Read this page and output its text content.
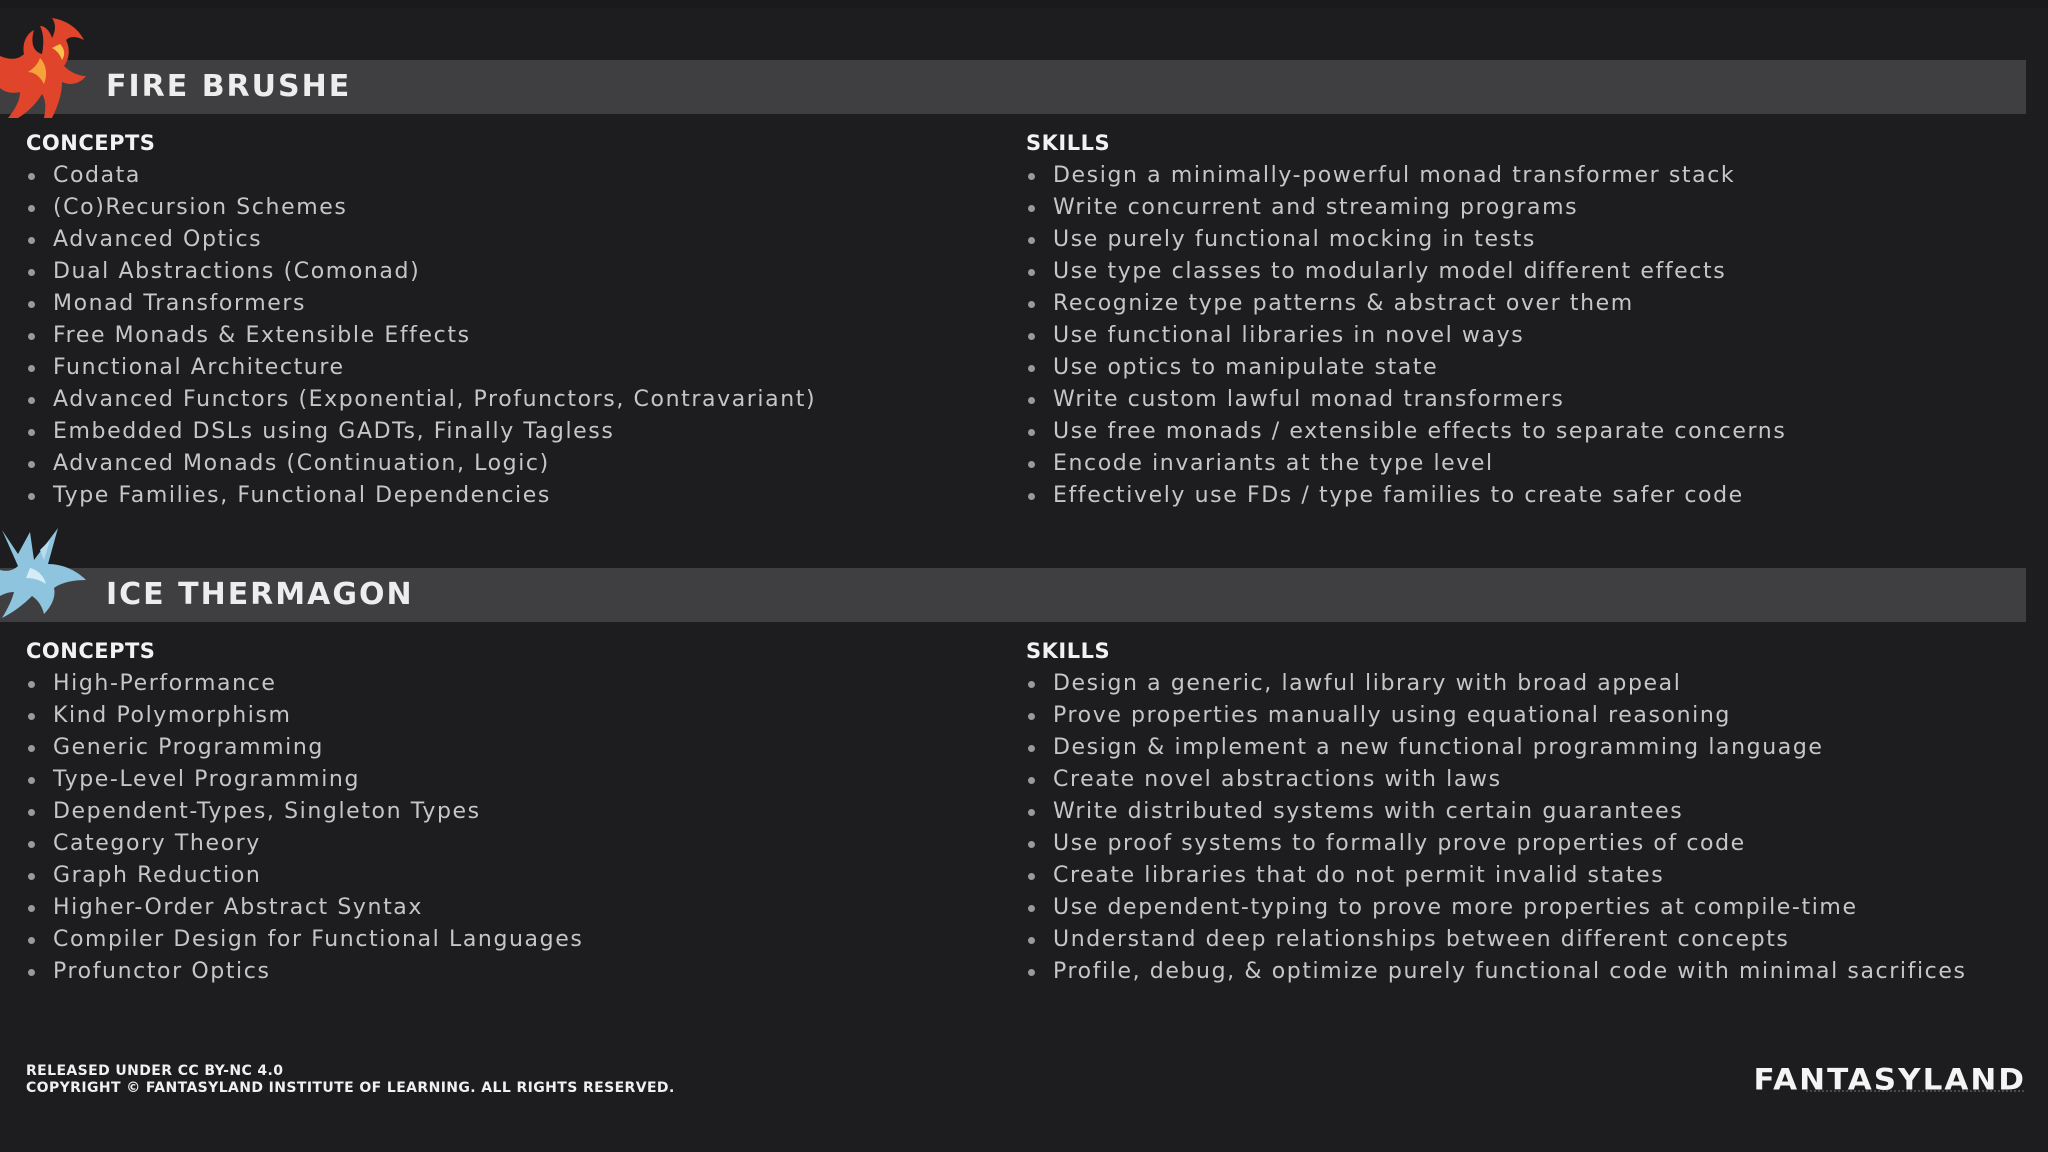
FIRE BRUSHE
CONCEPTS
Codata
(Co)Recursion Schemes
Advanced Optics
Dual Abstractions (Comonad)
Monad Transformers
Free Monads & Extensible Effects
Functional Architecture
Advanced Functors (Exponential, Profunctors, Contravariant)
Embedded DSLs using GADTs, Finally Tagless
Advanced Monads (Continuation, Logic)
Type Families, Functional Dependencies
SKILLS
Design a minimally-powerful monad transformer stack
Write concurrent and streaming programs
Use purely functional mocking in tests
Use type classes to modularly model different effects
Recognize type patterns & abstract over them
Use functional libraries in novel ways
Use optics to manipulate state
Write custom lawful monad transformers
Use free monads / extensible effects to separate concerns
Encode invariants at the type level
Effectively use FDs / type families to create safer code
ICE THERMAGON
CONCEPTS
High-Performance
Kind Polymorphism
Generic Programming
Type-Level Programming
Dependent-Types, Singleton Types
Category Theory
Graph Reduction
Higher-Order Abstract Syntax
Compiler Design for Functional Languages
Profunctor Optics
SKILLS
Design a generic, lawful library with broad appeal
Prove properties manually using equational reasoning
Design & implement a new functional programming language
Create novel abstractions with laws
Write distributed systems with certain guarantees
Use proof systems to formally prove properties of code
Create libraries that do not permit invalid states
Use dependent-typing to prove more properties at compile-time
Understand deep relationships between different concepts
Profile, debug, & optimize purely functional code with minimal sacrifices
RELEASED UNDER CC BY-NC 4.0
COPYRIGHT © FANTASYLAND INSTITUTE OF LEARNING. ALL RIGHTS RESERVED.	FANTASYLAND
